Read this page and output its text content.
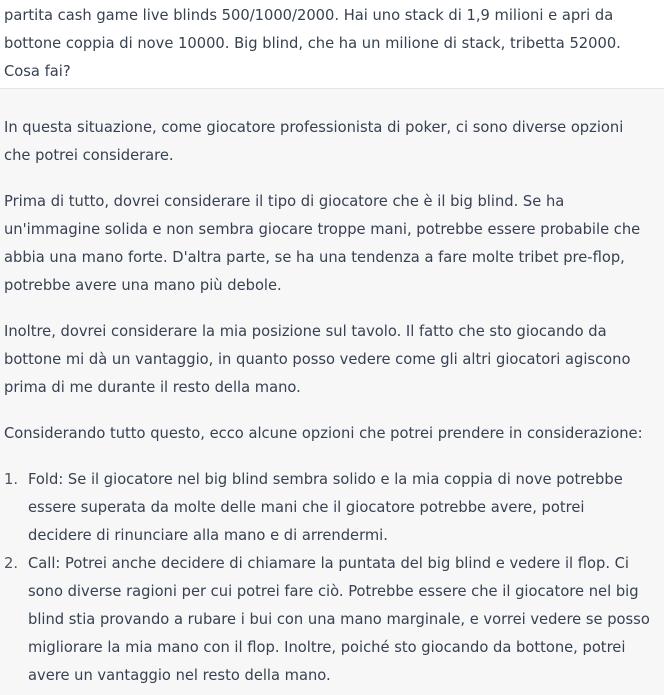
partita cash game live blinds 500/1000/2000. Hai uno stack di 1,9 milioni e apri da bottone coppia di nove 10000. Big blind, che ha un milione di stack, tribetta 52000. Cosa fai?

In questa situazione, come giocatore professionista di poker, ci sono diverse opzioni che potrei considerare.

Prima di tutto, dovrei considerare il tipo di giocatore che è il big blind. Se ha un'immagine solida e non sembra giocare troppe mani, potrebbe essere probabile che abbia una mano forte. D'altra parte, se ha una tendenza a fare molte tribet pre-flop, potrebbe avere una mano più debole.

Inoltre, dovrei considerare la mia posizione sul tavolo. Il fatto che sto giocando da bottone mi dà un vantaggio, in quanto posso vedere come gli altri giocatori agiscono prima di me durante il resto della mano.

Considerando tutto questo, ecco alcune opzioni che potrei prendere in considerazione:

1. Fold: Se il giocatore nel big blind sembra solido e la mia coppia di nove potrebbe essere superata da molte delle mani che il giocatore potrebbe avere, potrei decidere di rinunciare alla mano e di arrendermi.
2. Call: Potrei anche decidere di chiamare la puntata del big blind e vedere il flop. Ci sono diverse ragioni per cui potrei fare ciò. Potrebbe essere che il giocatore nel big blind stia provando a rubare i bui con una mano marginale, e vorrei vedere se posso migliorare la mia mano con il flop. Inoltre, poiché sto giocando da bottone, potrei avere un vantaggio nel resto della mano.
